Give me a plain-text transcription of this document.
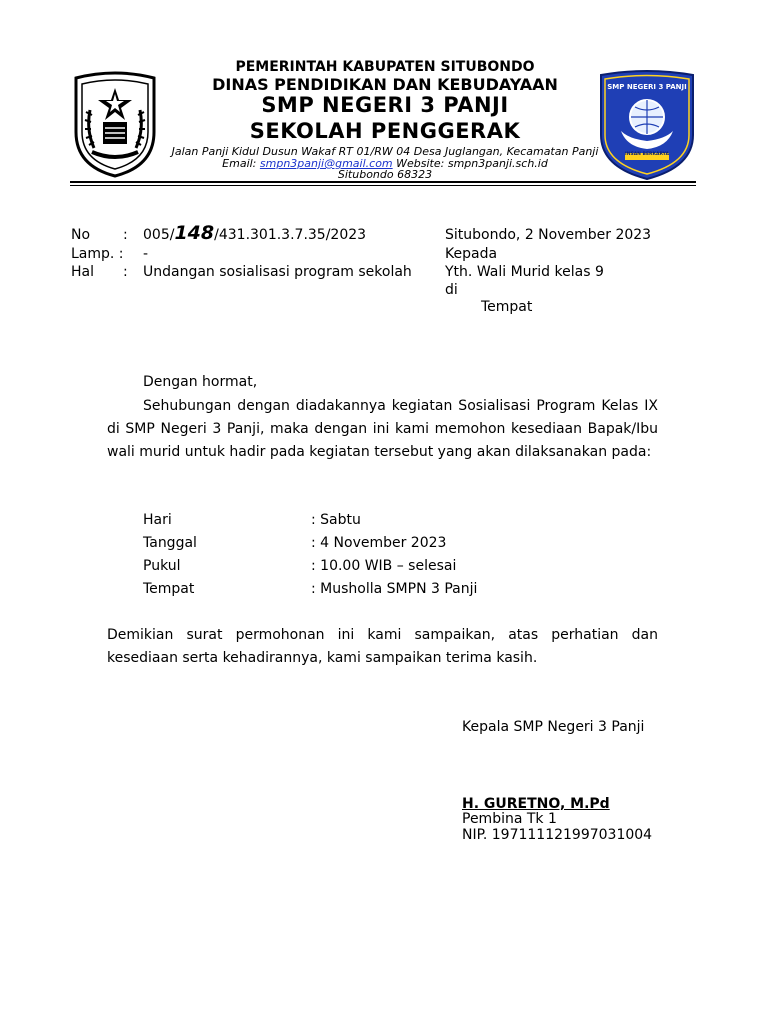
PEMERINTAH KABUPATEN SITUBONDO
DINAS PENDIDIKAN DAN KEBUDAYAAN
SMP NEGERI 3 PANJI
SEKOLAH PENGGERAK
Jalan Panji Kidul Dusun Wakaf RT 01/RW 04 Desa Juglangan, Kecamatan Panji
Email: smpn3panji@gmail.com Website: smpn3panji.sch.id
Situbondo 68323
SMP NEGERI 3 PANJI
INSAN BERKARYA
No : 005/148/431.301.3.7.35/2023
Lamp. : -
Hal : Undangan sosialisasi program sekolah
Situbondo, 2 November 2023
Kepada
Yth. Wali Murid kelas 9
di
Tempat
Dengan hormat,
Sehubungan dengan diadakannya kegiatan Sosialisasi Program Kelas IX di SMP Negeri 3 Panji, maka dengan ini kami memohon kesediaan Bapak/Ibu wali murid untuk hadir pada kegiatan tersebut yang akan dilaksanakan pada:
Hari	: Sabtu
Tanggal	: 4 November 2023
Pukul	: 10.00 WIB – selesai
Tempat	: Musholla SMPN 3 Panji
Demikian surat permohonan ini kami sampaikan, atas perhatian dan kesediaan serta kehadirannya, kami sampaikan terima kasih.
Kepala SMP Negeri 3 Panji
H. GURETNO, M.Pd
Pembina Tk 1
NIP. 197111121997031004
